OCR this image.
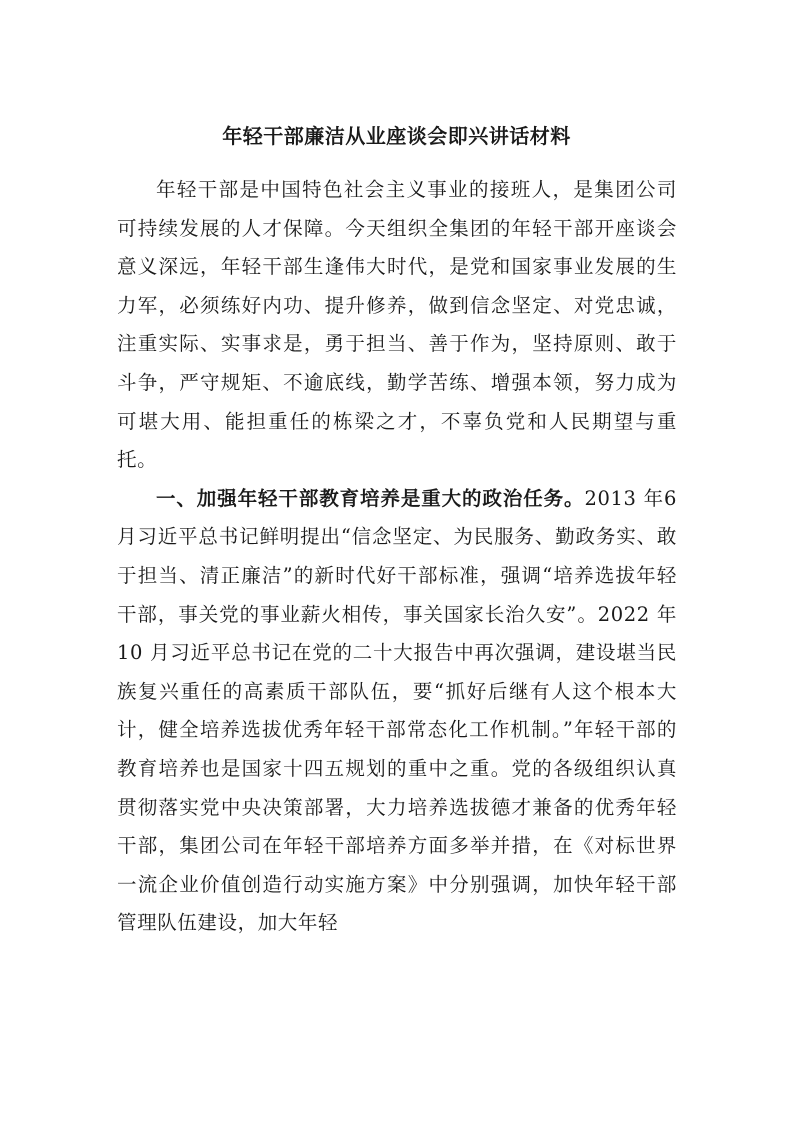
年轻干部廉洁从业座谈会即兴讲话材料

年轻干部是中国特色社会主义事业的接班人，是集团公司可持续发展的人才保障。今天组织全集团的年轻干部开座谈会意义深远，年轻干部生逢伟大时代，是党和国家事业发展的生力军，必须练好内功、提升修养，做到信念坚定、对党忠诚，注重实际、实事求是，勇于担当、善于作为，坚持原则、敢于斗争，严守规矩、不逾底线，勤学苦练、增强本领，努力成为可堪大用、能担重任的栋梁之才，不辜负党和人民期望与重托。

一、加强年轻干部教育培养是重大的政治任务。2013 年6月习近平总书记鲜明提出“信念坚定、为民服务、勤政务实、敢于担当、清正廉洁”的新时代好干部标准，强调“培养选拔年轻干部，事关党的事业薪火相传，事关国家长治久安”。2022 年 10 月习近平总书记在党的二十大报告中再次强调，建设堪当民族复兴重任的高素质干部队伍，要“抓好后继有人这个根本大计，健全培养选拔优秀年轻干部常态化工作机制。”年轻干部的教育培养也是国家十四五规划的重中之重。党的各级组织认真贯彻落实党中央决策部署，大力培养选拔德才兼备的优秀年轻干部，集团公司在年轻干部培养方面多举并措，在《对标世界一流企业价值创造行动实施方案》中分别强调，加快年轻干部管理队伍建设，加大年轻
